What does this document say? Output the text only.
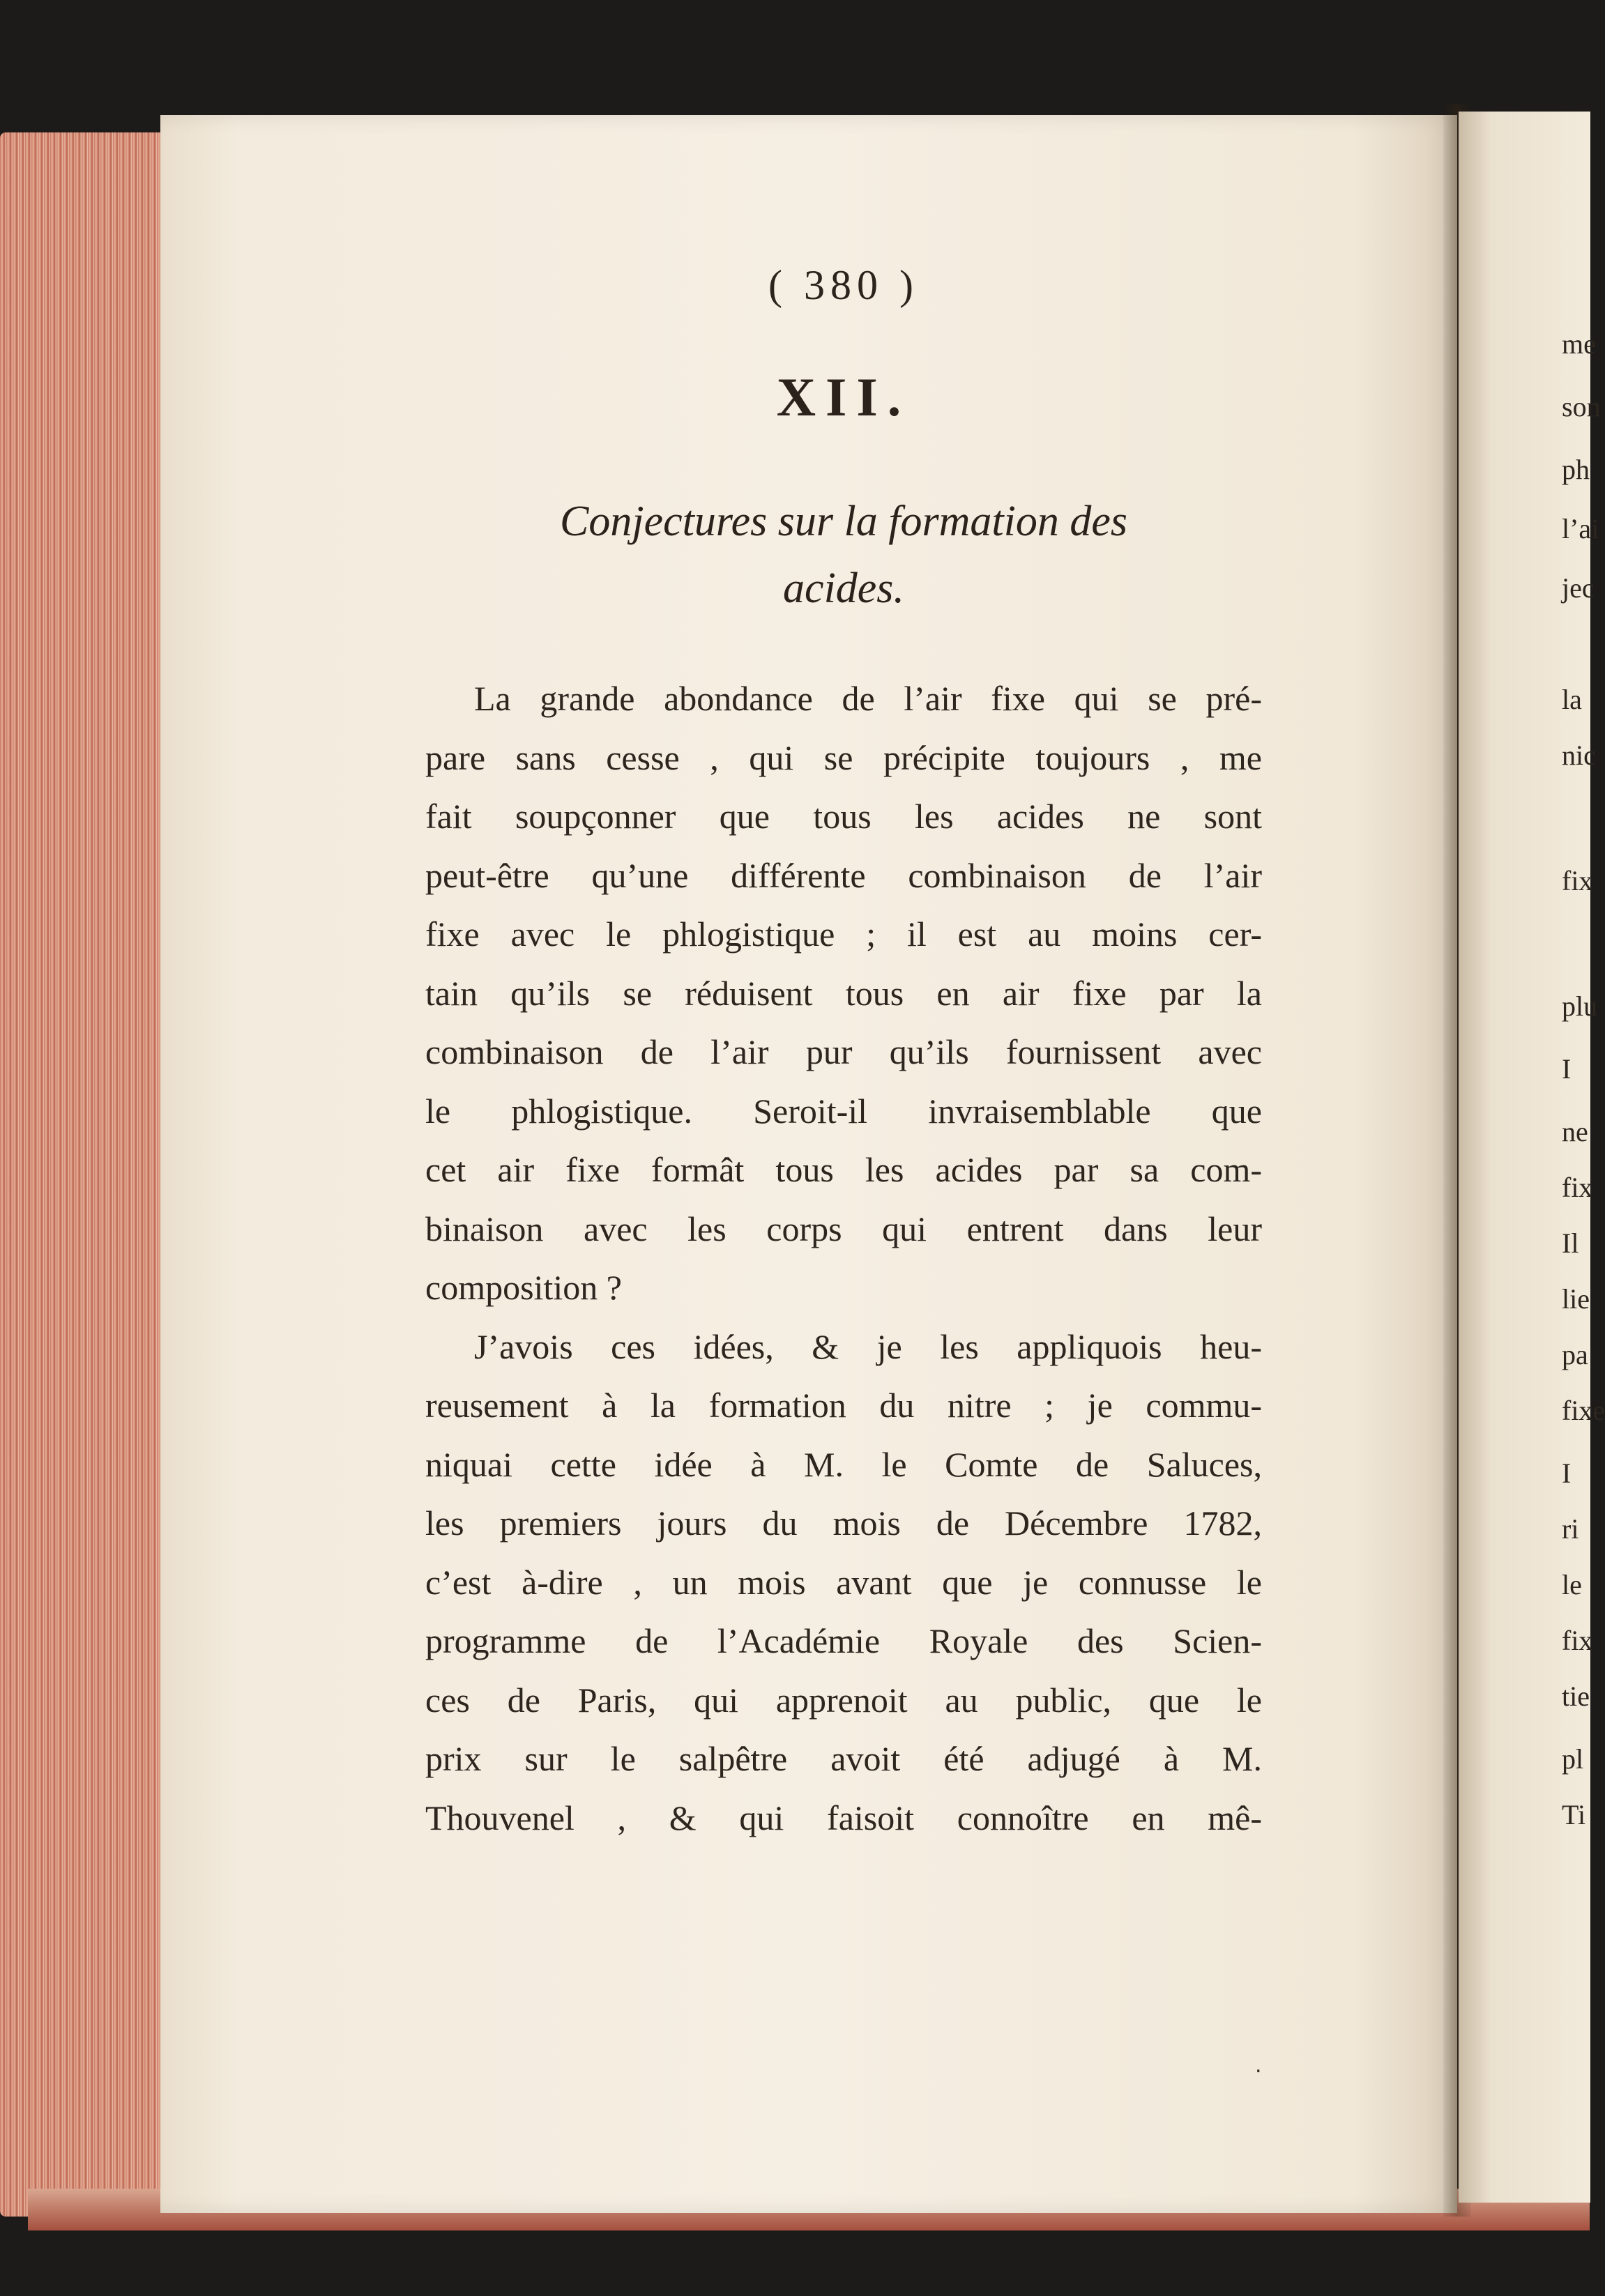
( 380 )
XII.
Conjectures sur la formation des
acides.
La grande abondance de l’air fixe qui se pré-
pare sans cesse , qui se précipite toujours , me
fait soupçonner que tous les acides ne sont
peut-être qu’une différente combinaison de l’air
fixe avec le phlogistique ; il est au moins cer-
tain qu’ils se réduisent tous en air fixe par la
combinaison de l’air pur qu’ils fournissent avec
le phlogistique. Seroit-il invraisemblable que
cet air fixe formât tous les acides par sa com-
binaison avec les corps qui entrent dans leur
composition ?
J’avois ces idées, & je les appliquois heu-
reusement à la formation du nitre ; je commu-
niquai cette idée à M. le Comte de Saluces,
les premiers jours du mois de Décembre 1782,
c’est à-dire , un mois avant que je connusse le
programme de l’Académie Royale des Scien-
ces de Paris, qui apprenoit au public, que le
prix sur le salpêtre avoit été adjugé à M.
Thouvenel , & qui faisoit connoître en mê-
me
son
ph
l’ai
jec
la
nic
fix
plu
I
ne
fix
Il
lie
pa
fixe
I
ri
le
fix
tie
pl
Ti
‧
